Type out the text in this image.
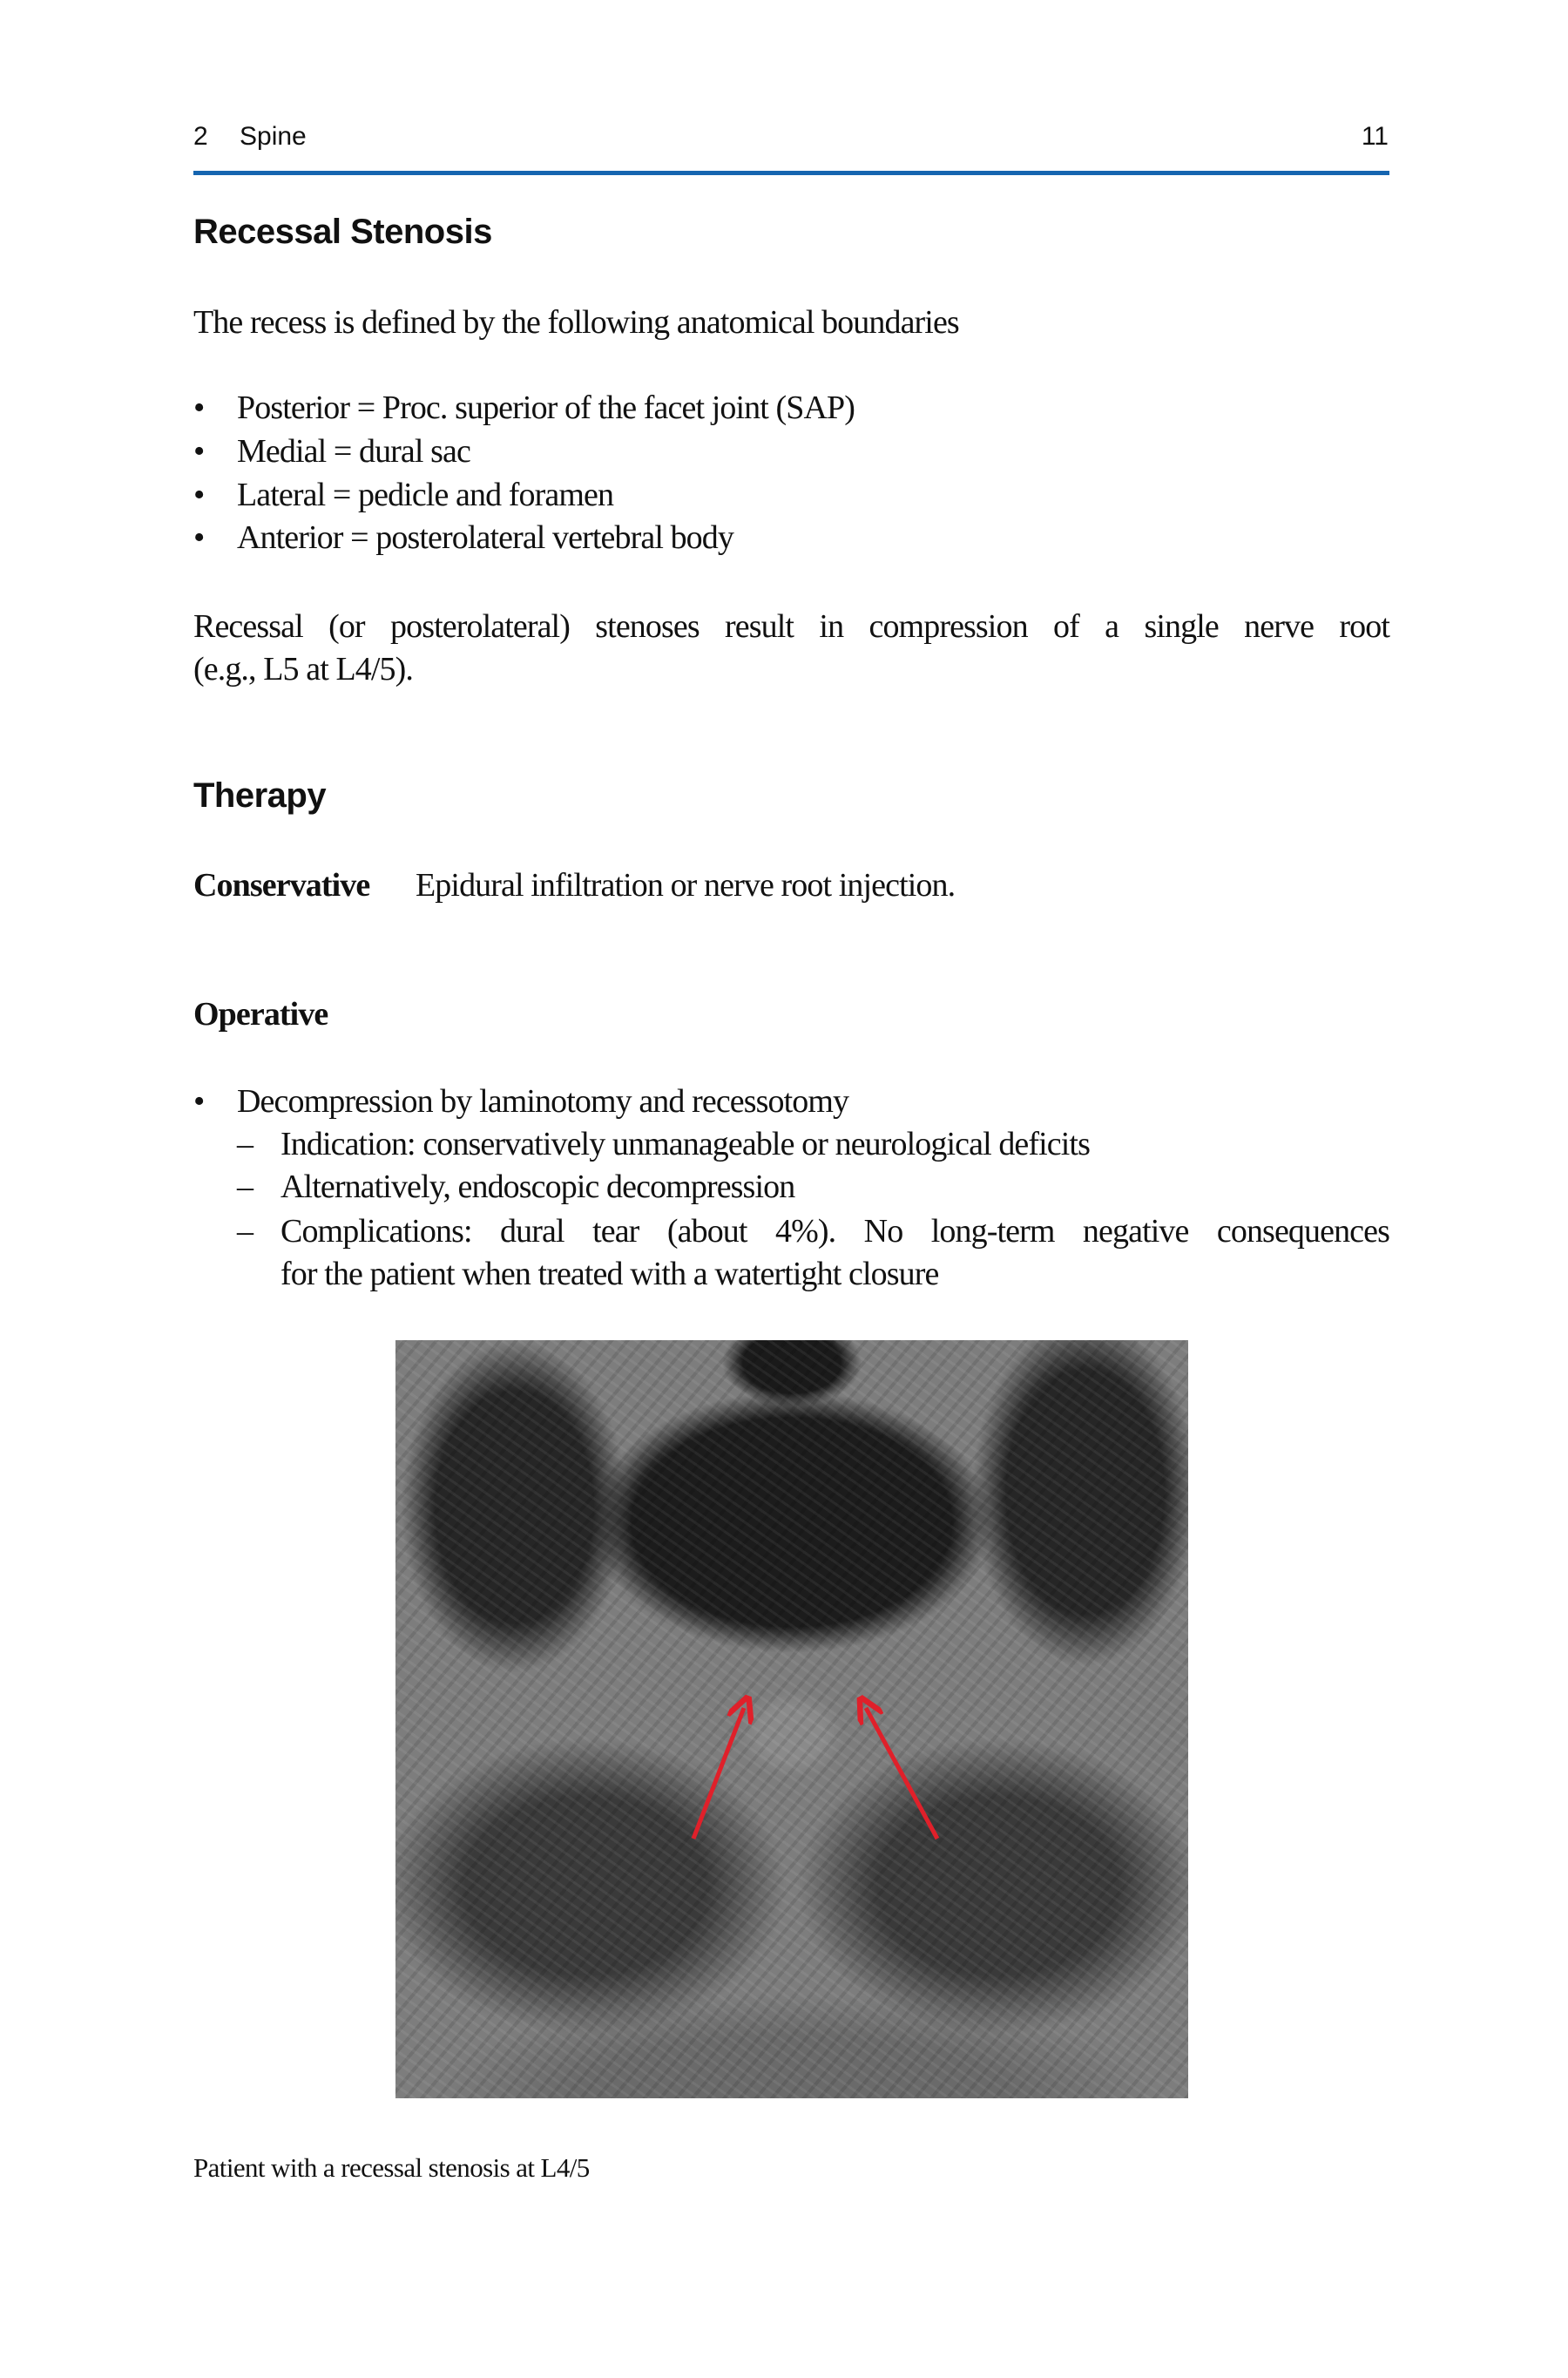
2 Spine	11
Recessal Stenosis
The recess is defined by the following anatomical boundaries
• Posterior = Proc. superior of the facet joint (SAP)
• Medial = dural sac
• Lateral = pedicle and foramen
• Anterior = posterolateral vertebral body
Recessal (or posterolateral) stenoses result in compression of a single nerve root
(e.g., L5 at L4/5).
Therapy
Conservative Epidural infiltration or nerve root injection.
Operative
• Decompression by laminotomy and recessotomy
– Indication: conservatively unmanageable or neurological deficits
– Alternatively, endoscopic decompression
– Complications: dural tear (about 4%). No long-term negative consequences
for the patient when treated with a watertight closure
Patient with a recessal stenosis at L4/5
